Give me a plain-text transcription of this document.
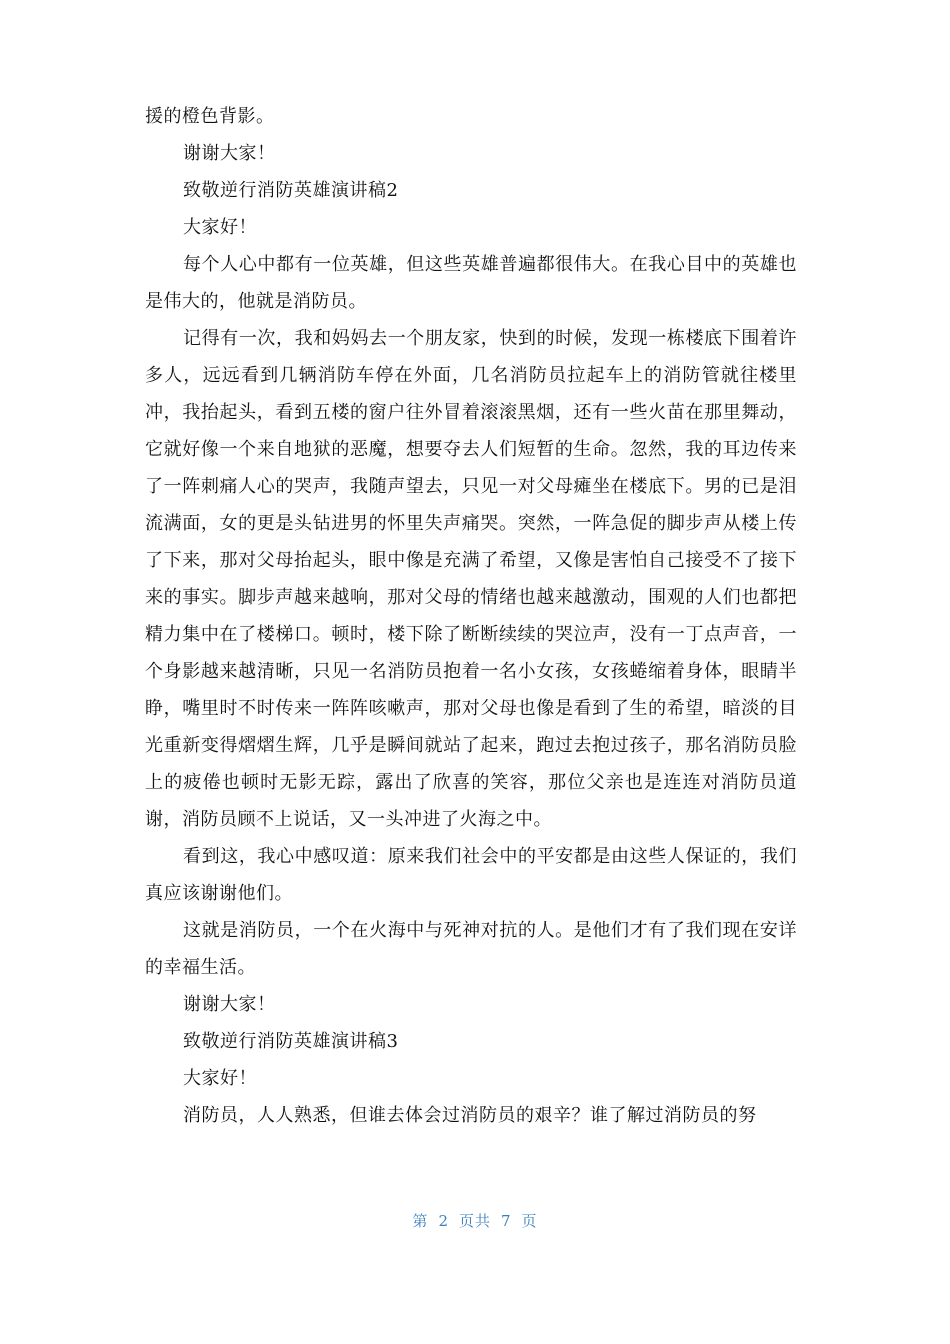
援的橙色背影。

谢谢大家！

致敬逆行消防英雄演讲稿2

大家好！

每个人心中都有一位英雄，但这些英雄普遍都很伟大。在我心目中的英雄也是伟大的，他就是消防员。

记得有一次，我和妈妈去一个朋友家，快到的时候，发现一栋楼底下围着许多人，远远看到几辆消防车停在外面，几名消防员拉起车上的消防管就往楼里冲，我抬起头，看到五楼的窗户往外冒着滚滚黑烟，还有一些火苗在那里舞动，它就好像一个来自地狱的恶魔，想要夺去人们短暂的生命。忽然，我的耳边传来了一阵刺痛人心的哭声，我随声望去，只见一对父母瘫坐在楼底下。男的已是泪流满面，女的更是头钻进男的怀里失声痛哭。突然，一阵急促的脚步声从楼上传了下来，那对父母抬起头，眼中像是充满了希望，又像是害怕自己接受不了接下来的事实。脚步声越来越响，那对父母的情绪也越来越激动，围观的人们也都把精力集中在了楼梯口。顿时，楼下除了断断续续的哭泣声，没有一丁点声音，一个身影越来越清晰，只见一名消防员抱着一名小女孩，女孩蜷缩着身体，眼睛半睁，嘴里时不时传来一阵阵咳嗽声，那对父母也像是看到了生的希望，暗淡的目光重新变得熠熠生辉，几乎是瞬间就站了起来，跑过去抱过孩子，那名消防员脸上的疲倦也顿时无影无踪，露出了欣喜的笑容，那位父亲也是连连对消防员道谢，消防员顾不上说话，又一头冲进了火海之中。

看到这，我心中感叹道：原来我们社会中的平安都是由这些人保证的，我们真应该谢谢他们。

这就是消防员，一个在火海中与死神对抗的人。是他们才有了我们现在安详的幸福生活。

谢谢大家！

致敬逆行消防英雄演讲稿3

大家好！

消防员，人人熟悉，但谁去体会过消防员的艰辛？谁了解过消防员的努

第 2 页共 7 页
